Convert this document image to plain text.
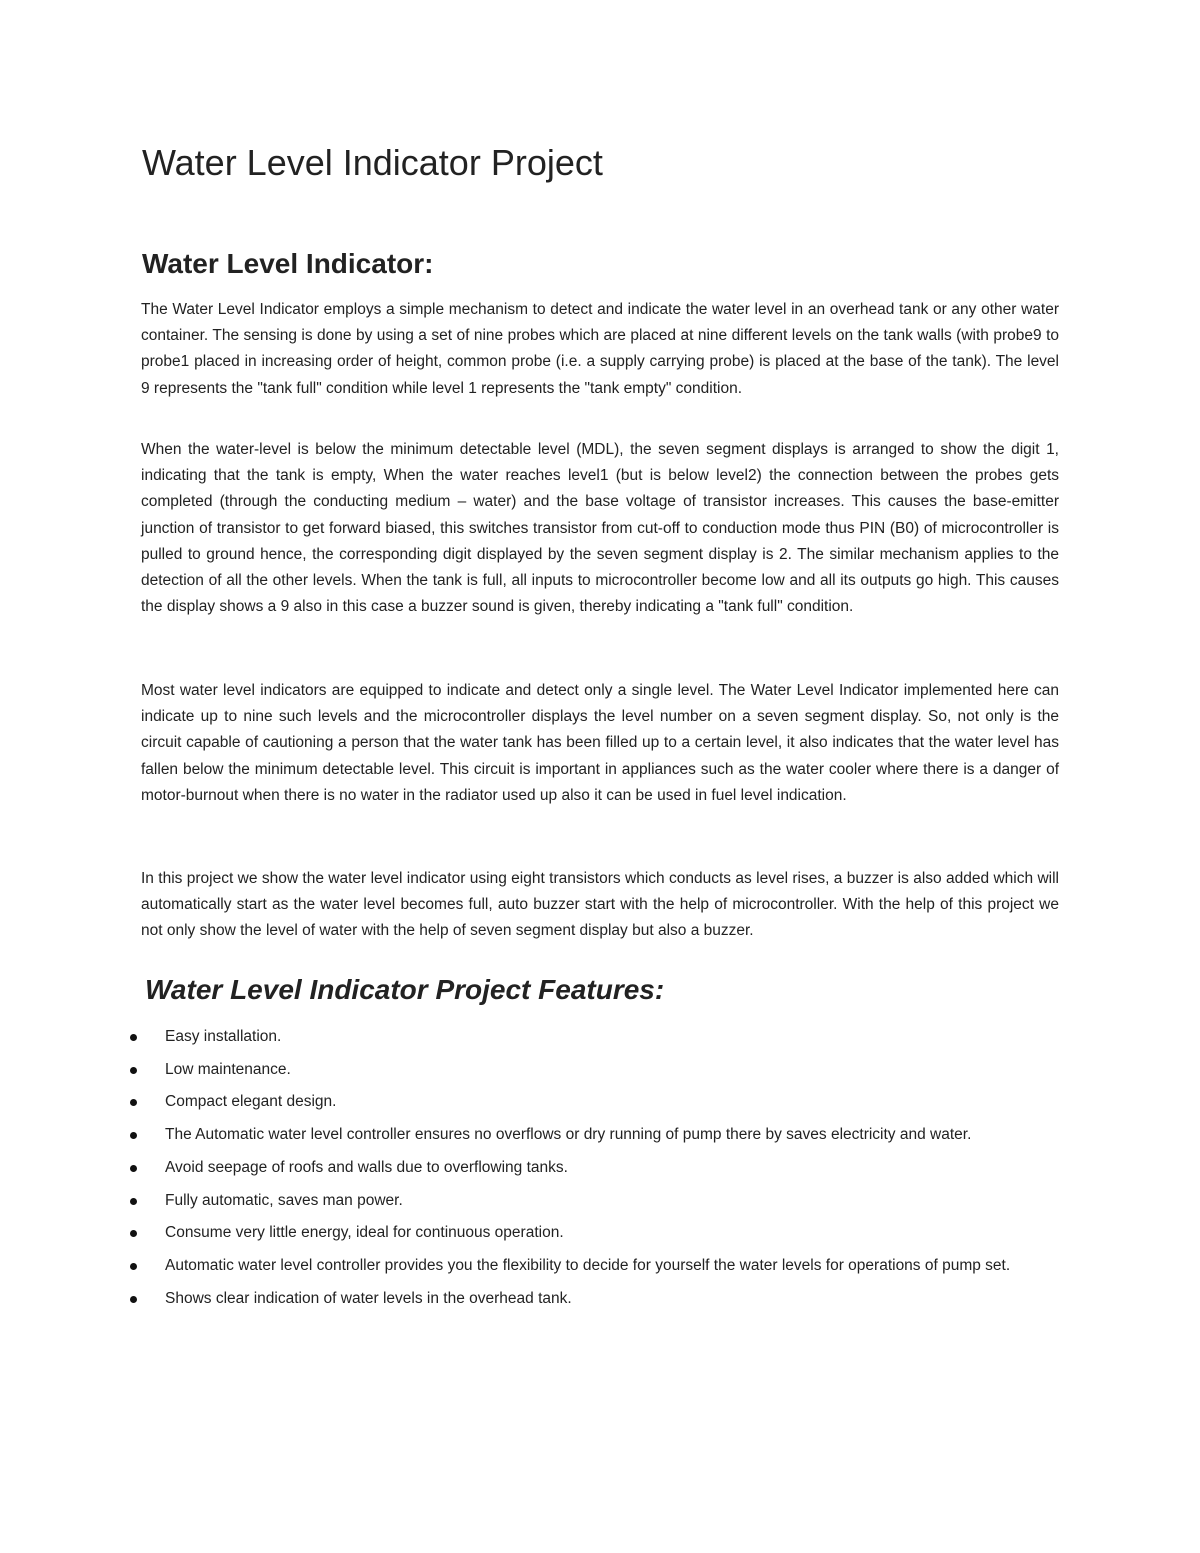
Water Level Indicator Project
Water Level Indicator:

The Water Level Indicator employs a simple mechanism to detect and indicate the water level in an overhead tank or any other water container. The sensing is done by using a set of nine probes which are placed at nine different levels on the tank walls (with probe9 to probe1 placed in increasing order of height, common probe (i.e. a supply carrying probe) is placed at the base of the tank). The level 9 represents the "tank full" condition while level 1 represents the "tank empty" condition.

When the water-level is below the minimum detectable level (MDL), the seven segment displays is arranged to show the digit 1, indicating that the tank is empty, When the water reaches level1 (but is below level2) the connection between the probes gets completed (through the conducting medium – water) and the base voltage of transistor increases. This causes the base-emitter junction of transistor to get forward biased, this switches transistor from cut-off to conduction mode thus PIN (B0) of microcontroller is pulled to ground hence, the corresponding digit displayed by the seven segment display is 2. The similar mechanism applies to the detection of all the other levels. When the tank is full, all inputs to microcontroller become low and all its outputs go high. This causes the display shows a 9 also in this case a buzzer sound is given, thereby indicating a "tank full" condition.

Most water level indicators are equipped to indicate and detect only a single level. The Water Level Indicator implemented here can indicate up to nine such levels and the microcontroller displays the level number on a seven segment display. So, not only is the circuit capable of cautioning a person that the water tank has been filled up to a certain level, it also indicates that the water level has fallen below the minimum detectable level. This circuit is important in appliances such as the water cooler where there is a danger of motor-burnout when there is no water in the radiator used up also it can be used in fuel level indication.

In this project we show the water level indicator using eight transistors which conducts as level rises, a buzzer is also added which will automatically start as the water level becomes full, auto buzzer start with the help of microcontroller. With the help of this project we not only show the level of water with the help of seven segment display but also a buzzer.

Water Level Indicator Project Features:
Easy installation.
Low maintenance.
Compact elegant design.
The Automatic water level controller ensures no overflows or dry running of pump there by saves electricity and water.
Avoid seepage of roofs and walls due to overflowing tanks.
Fully automatic, saves man power.
Consume very little energy, ideal for continuous operation.
Automatic water level controller provides you the flexibility to decide for yourself the water levels for operations of pump set.
Shows clear indication of water levels in the overhead tank.
